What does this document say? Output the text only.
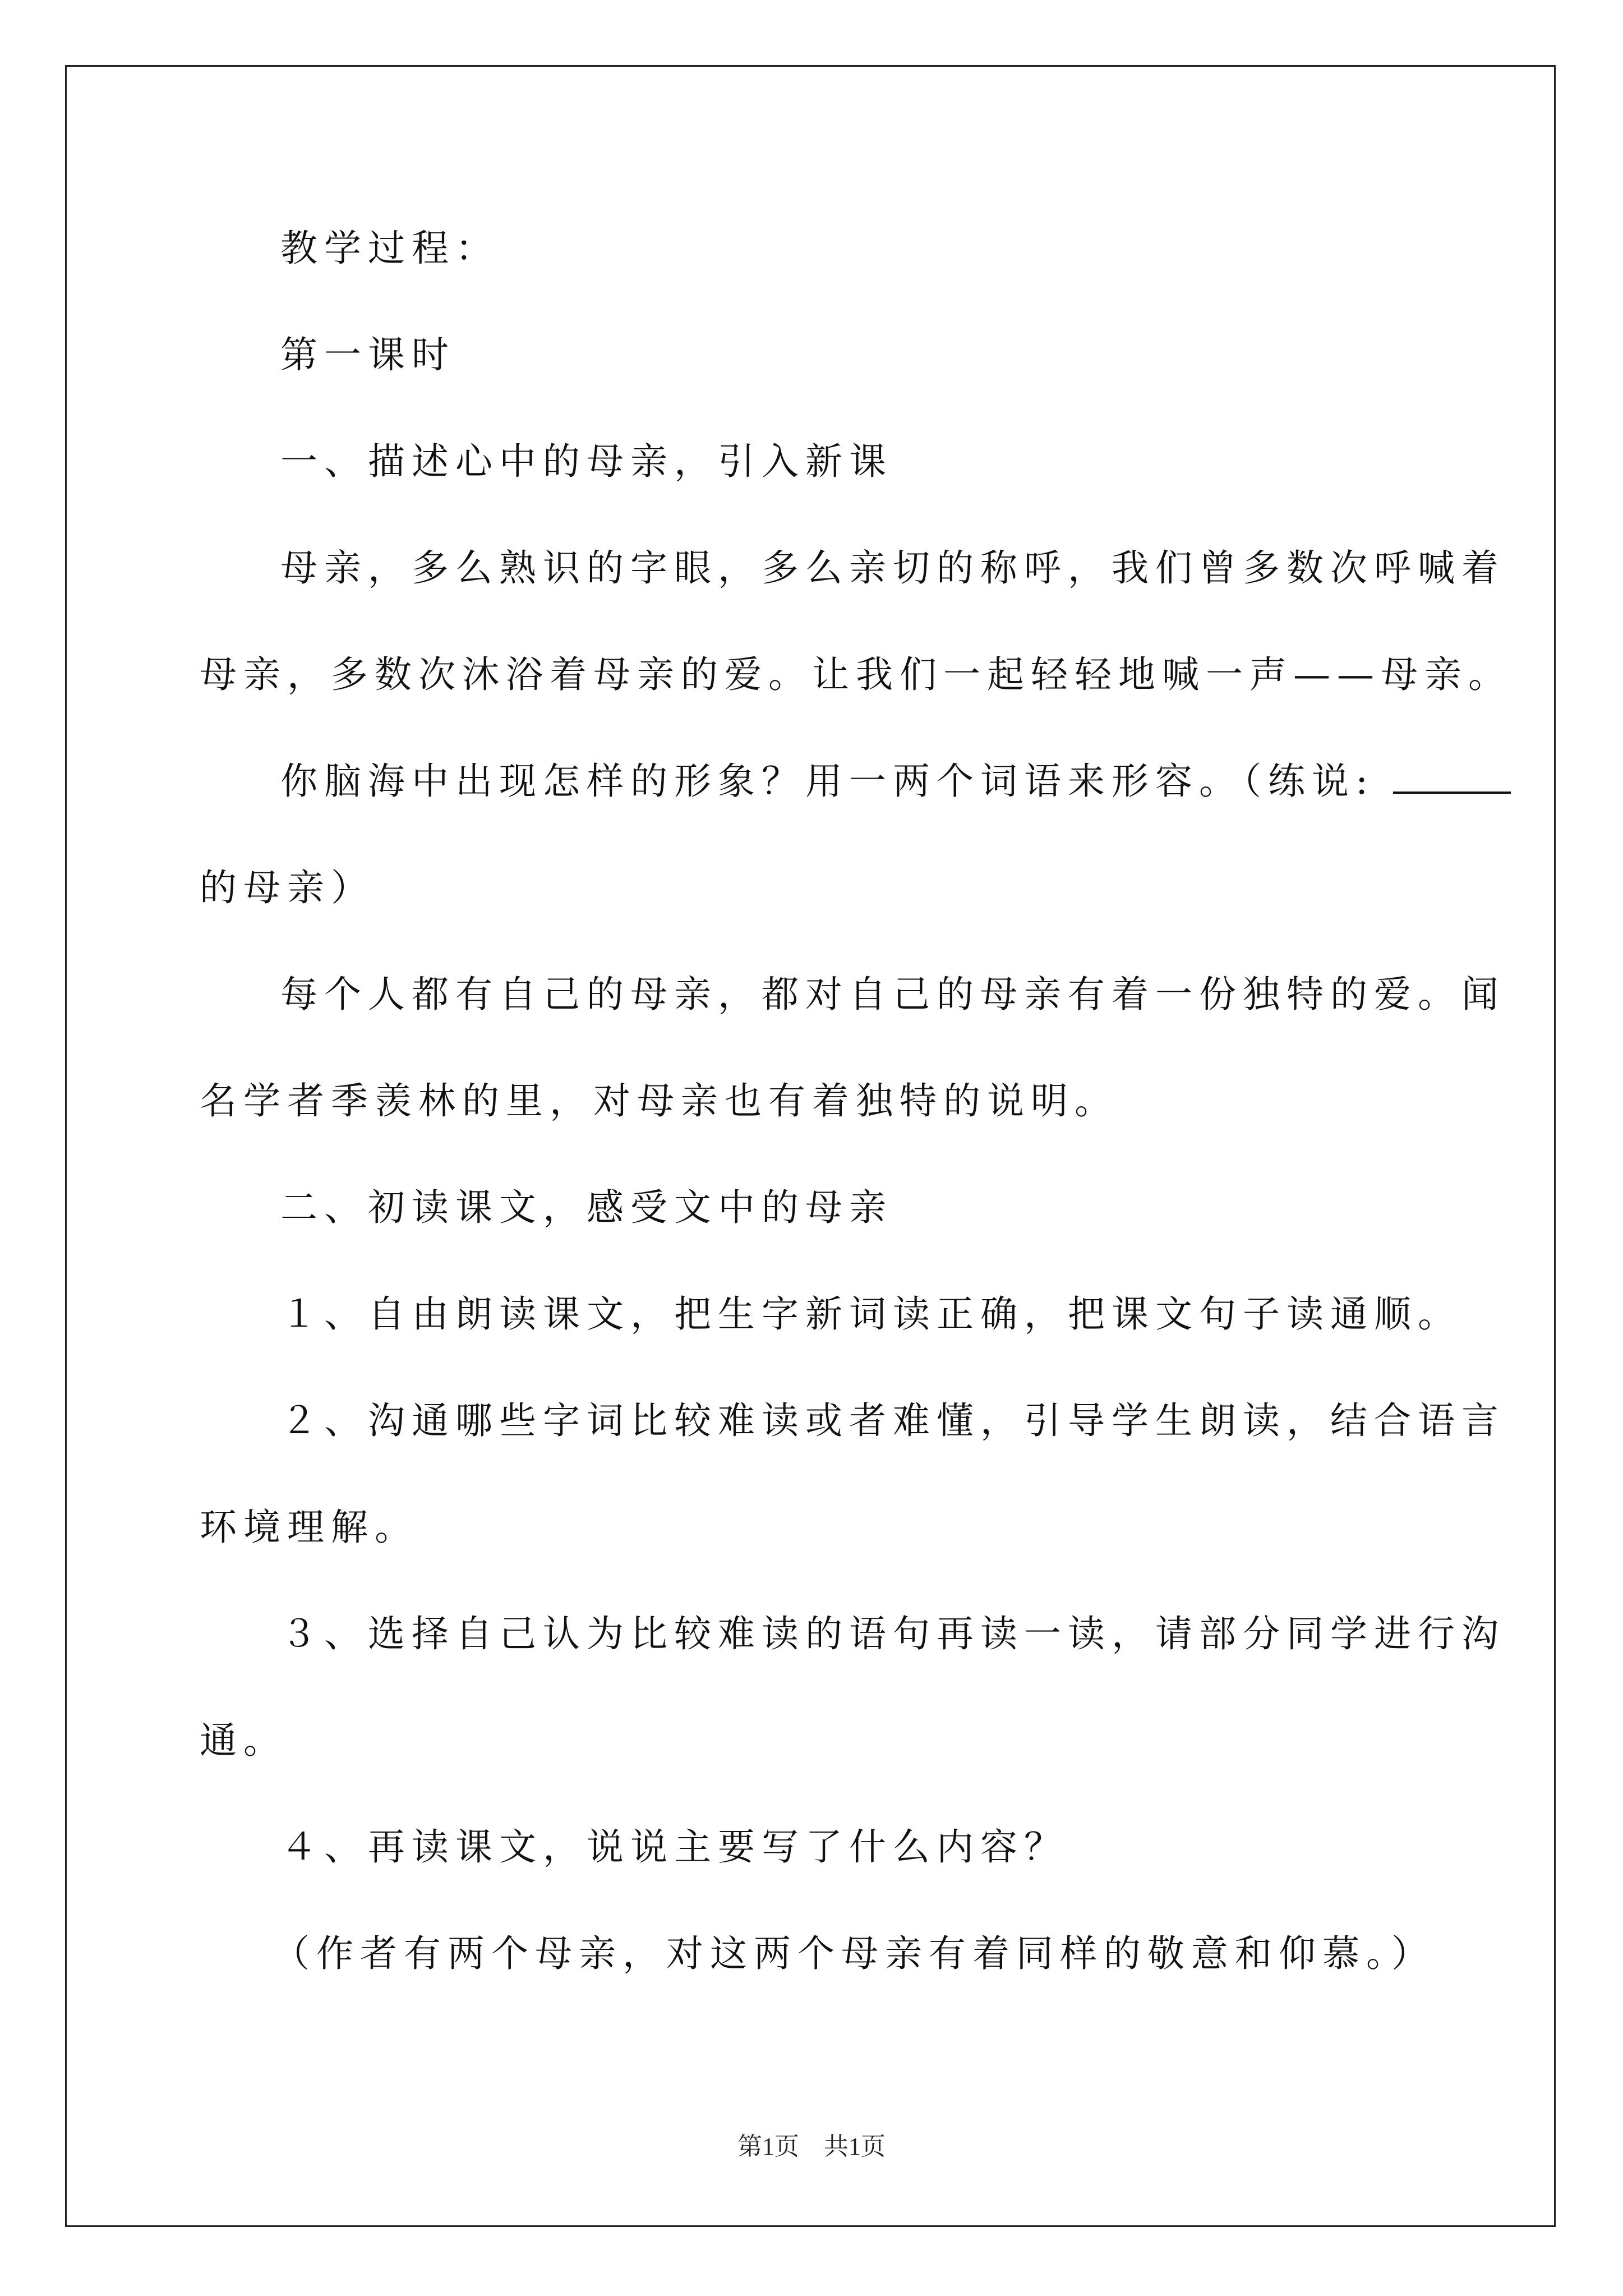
教学过程：
第一课时
一、描述心中的母亲，引入新课
母亲，多么熟识的字眼，多么亲切的称呼，我们曾多数次呼喊着
母亲，多数次沐浴着母亲的爱。让我们一起轻轻地喊一声——母亲。
你脑海中出现怎样的形象？用一两个词语来形容。（练说:
的母亲）
每个人都有自己的母亲，都对自己的母亲有着一份独特的爱。闻
名学者季羡林的里，对母亲也有着独特的说明。
二、初读课文，感受文中的母亲
１、自由朗读课文，把生字新词读正确，把课文句子读通顺。
２、沟通哪些字词比较难读或者难懂，引导学生朗读，结合语言
环境理解。
３、选择自己认为比较难读的语句再读一读，请部分同学进行沟
通。
４、再读课文，说说主要写了什么内容？
（作者有两个母亲，对这两个母亲有着同样的敬意和仰慕。）
第1页　共1页
